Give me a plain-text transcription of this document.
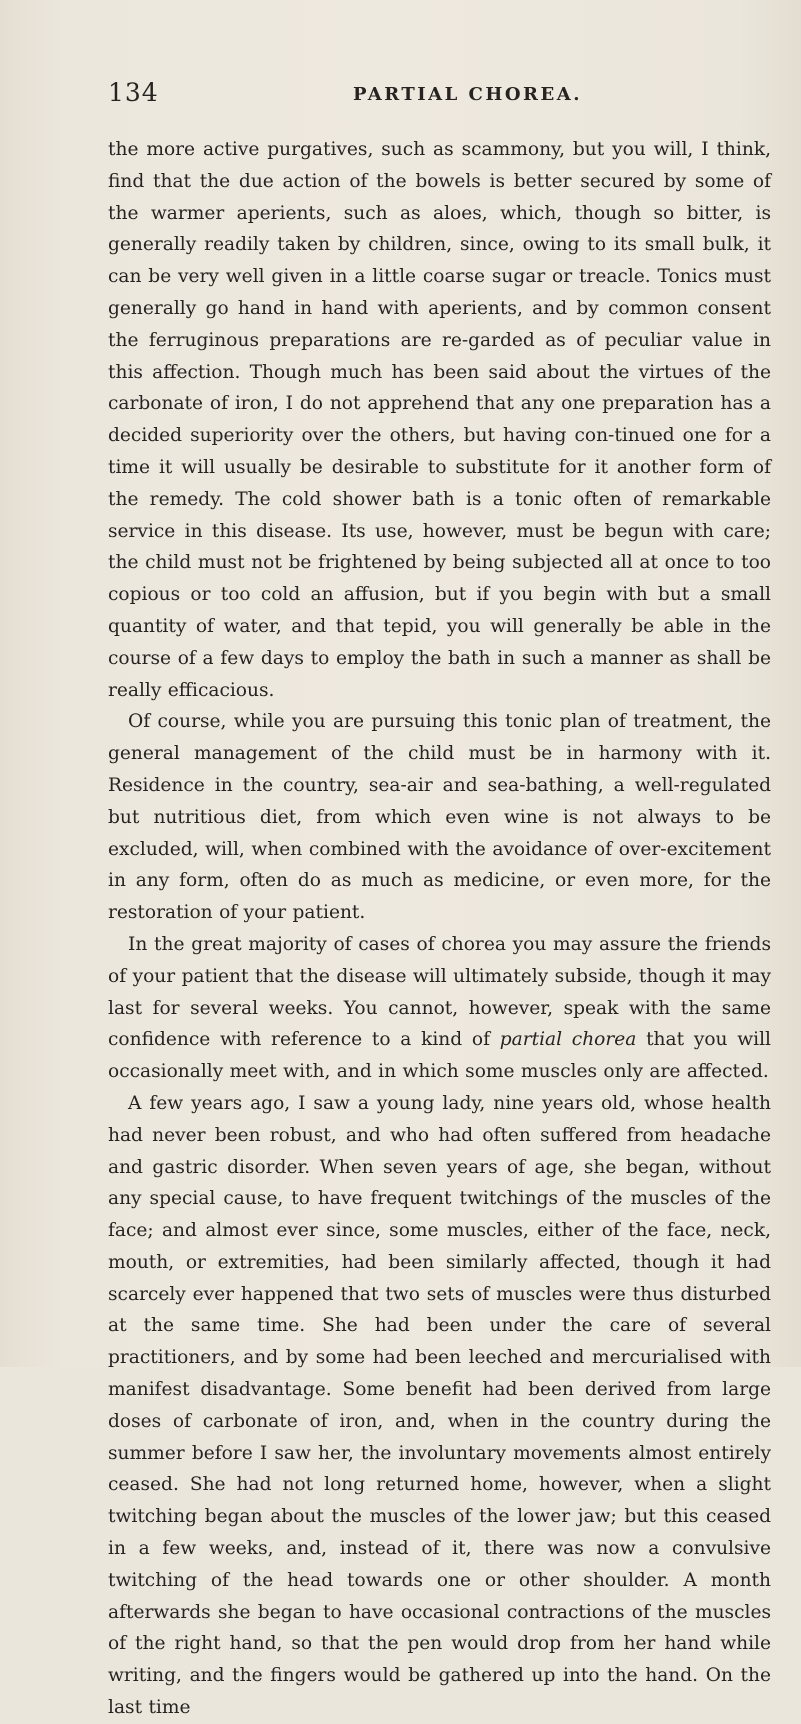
134	PARTIAL CHOREA.

the more active purgatives, such as scammony, but you will, I think, find that the due action of the bowels is better secured by some of the warmer aperients, such as aloes, which, though so bitter, is generally readily taken by children, since, owing to its small bulk, it can be very well given in a little coarse sugar or treacle. Tonics must generally go hand in hand with aperients, and by common consent the ferruginous preparations are re-garded as of peculiar value in this affection. Though much has been said about the virtues of the carbonate of iron, I do not apprehend that any one preparation has a decided superiority over the others, but having con-tinued one for a time it will usually be desirable to substitute for it another form of the remedy. The cold shower bath is a tonic often of remarkable service in this disease. Its use, however, must be begun with care; the child must not be frightened by being subjected all at once to too copious or too cold an affusion, but if you begin with but a small quantity of water, and that tepid, you will generally be able in the course of a few days to employ the bath in such a manner as shall be really efficacious.

Of course, while you are pursuing this tonic plan of treatment, the general management of the child must be in harmony with it. Residence in the country, sea-air and sea-bathing, a well-regulated but nutritious diet, from which even wine is not always to be excluded, will, when combined with the avoidance of over-excitement in any form, often do as much as medicine, or even more, for the restoration of your patient.

In the great majority of cases of chorea you may assure the friends of your patient that the disease will ultimately subside, though it may last for several weeks. You cannot, however, speak with the same confidence with reference to a kind of partial chorea that you will occasionally meet with, and in which some muscles only are affected.

A few years ago, I saw a young lady, nine years old, whose health had never been robust, and who had often suffered from headache and gastric disorder. When seven years of age, she began, without any special cause, to have frequent twitchings of the muscles of the face; and almost ever since, some muscles, either of the face, neck, mouth, or extremities, had been similarly affected, though it had scarcely ever happened that two sets of muscles were thus disturbed at the same time. She had been under the care of several practitioners, and by some had been leeched and mercurialised with manifest disadvantage. Some benefit had been derived from large doses of carbonate of iron, and, when in the country during the summer before I saw her, the involuntary movements almost entirely ceased. She had not long returned home, however, when a slight twitching began about the muscles of the lower jaw; but this ceased in a few weeks, and, instead of it, there was now a convulsive twitching of the head towards one or other shoulder. A month afterwards she began to have occasional contractions of the muscles of the right hand, so that the pen would drop from her hand while writing, and the fingers would be gathered up into the hand. On the last time
